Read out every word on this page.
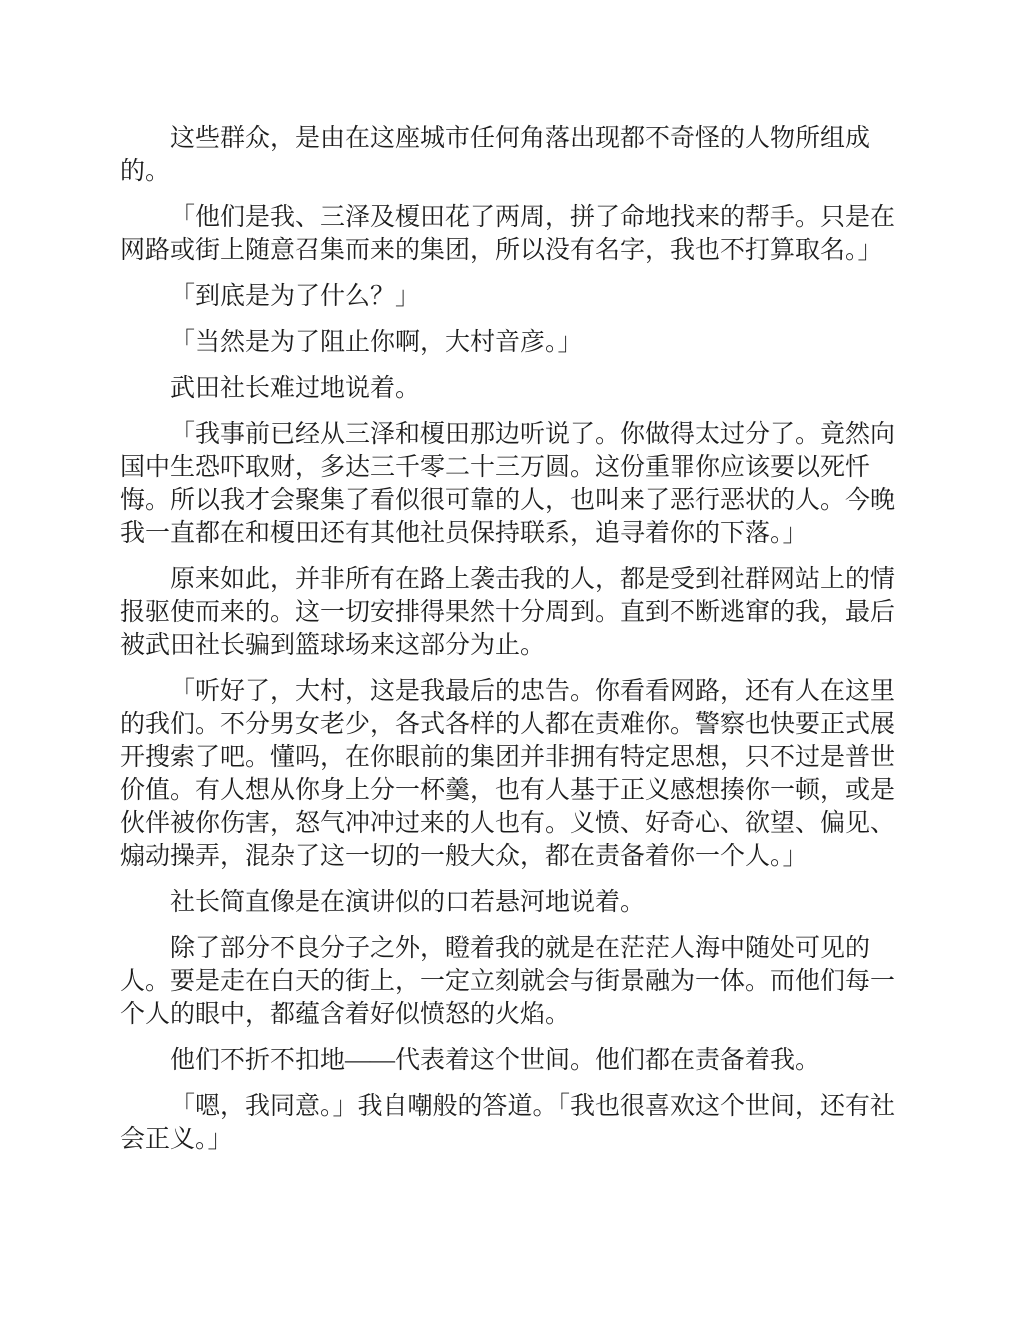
这些群众，是由在这座城市任何角落出现都不奇怪的人物所组成的。

「他们是我、三泽及榎田花了两周，拼了命地找来的帮手。只是在网路或街上随意召集而来的集团，所以没有名字，我也不打算取名。」

「到底是为了什么？」

「当然是为了阻止你啊，大村音彦。」

武田社长难过地说着。

「我事前已经从三泽和榎田那边听说了。你做得太过分了。竟然向国中生恐吓取财，多达三千零二十三万圆。这份重罪你应该要以死忏悔。所以我才会聚集了看似很可靠的人，也叫来了恶行恶状的人。今晚我一直都在和榎田还有其他社员保持联系，追寻着你的下落。」

原来如此，并非所有在路上袭击我的人，都是受到社群网站上的情报驱使而来的。这一切安排得果然十分周到。直到不断逃窜的我，最后被武田社长骗到篮球场来这部分为止。

「听好了，大村，这是我最后的忠告。你看看网路，还有人在这里的我们。不分男女老少，各式各样的人都在责难你。警察也快要正式展开搜索了吧。懂吗，在你眼前的集团并非拥有特定思想，只不过是普世价值。有人想从你身上分一杯羹，也有人基于正义感想揍你一顿，或是伙伴被你伤害，怒气冲冲过来的人也有。义愤、好奇心、欲望、偏见、煽动操弄，混杂了这一切的一般大众，都在责备着你一个人。」

社长简直像是在演讲似的口若悬河地说着。

除了部分不良分子之外，瞪着我的就是在茫茫人海中随处可见的人。要是走在白天的街上，一定立刻就会与街景融为一体。而他们每一个人的眼中，都蕴含着好似愤怒的火焰。

他们不折不扣地——代表着这个世间。他们都在责备着我。

「嗯，我同意。」我自嘲般的答道。「我也很喜欢这个世间，还有社会正义。」
